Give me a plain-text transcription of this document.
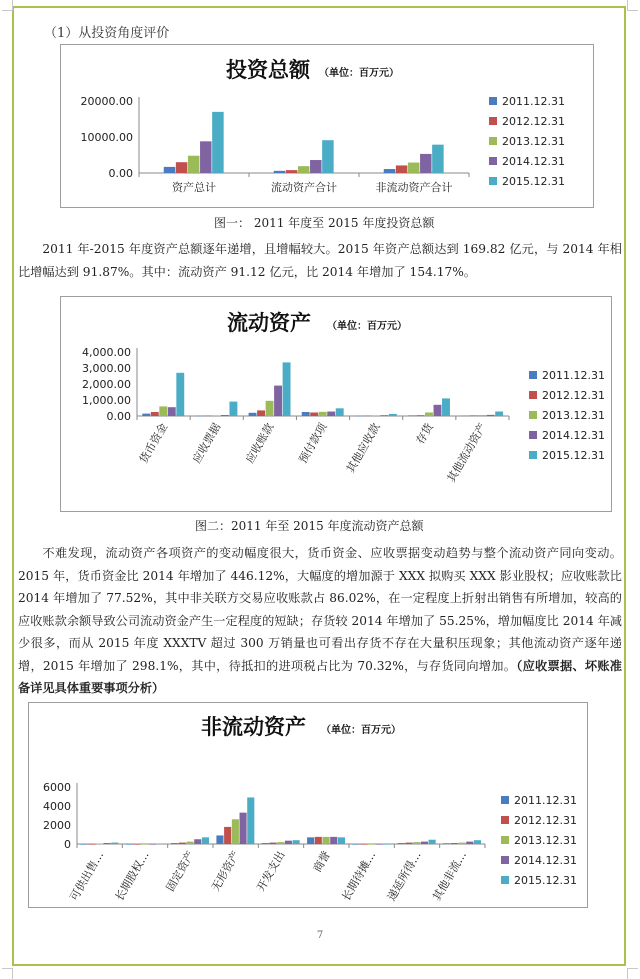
（1）从投资角度评价
投资总额 （单位：百万元）
20000.00
10000.00
0.00
资产总计	流动资产合计	非流动资产合计
2011.12.31
2012.12.31
2013.12.31
2014.12.31
2015.12.31
图一： 2011 年度至 2015 年度投资总额

2011 年-2015 年度资产总额逐年递增，且增幅较大。2015 年资产总额达到 169.82 亿元，与 2014 年相比增幅达到 91.87%。其中：流动资产 91.12 亿元，比 2014 年增加了 154.17%。

流动资产 （单位：百万元）
4,000.00
3,000.00
2,000.00
1,000.00
0.00
货币资金 应收票据 应收账款 预付款项 其他应收款	存货 其他流动资产
2011.12.31
2012.12.31
2013.12.31
2014.12.31
2015.12.31
图二：2011 年至 2015 年度流动资产总额

不难发现，流动资产各项资产的变动幅度很大，货币资金、应收票据变动趋势与整个流动资产同向变动。2015 年，货币资金比 2014 年增加了 446.12%，大幅度的增加源于 XXX 拟购买 XXX 影业股权；应收账款比 2014 年增加了 77.52%，其中非关联方交易应收账款占 86.02%，在一定程度上折射出销售有所增加，较高的应收账款余额导致公司流动资金产生一定程度的短缺；存货较 2014 年增加了 55.25%，增加幅度比 2014 年减少很多，而从 2015 年度 XXXTV 超过 300 万销量也可看出存货不存在大量积压现象；其他流动资产逐年递增，2015 年增加了 298.1%，其中，待抵扣的进项税占比为 70.32%，与存货同向增加。（应收票据、坏账准备详见具体重要事项分析）

非流动资产 （单位：百万元）
6000
4000
2000
0
可供出售… 长期股权… 固定资产 无形资产 开发支出 商誉 长期待摊… 递延所得… 其他非流…
2011.12.31
2012.12.31
2013.12.31
2014.12.31
2015.12.31
7
